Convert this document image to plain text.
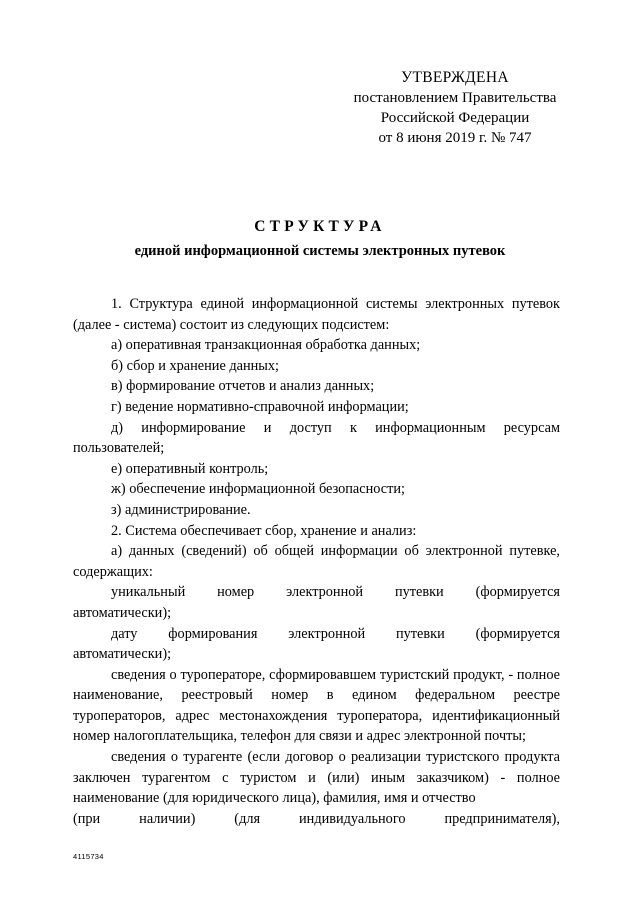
УТВЕРЖДЕНА
постановлением Правительства
Российской Федерации
от 8 июня 2019 г. № 747
СТРУКТУРА
единой информационной системы электронных путевок

1. Структура единой информационной системы электронных путевок (далее - система) состоит из следующих подсистем:

а) оперативная транзакционная обработка данных;

б) сбор и хранение данных;

в) формирование отчетов и анализ данных;

г) ведение нормативно-справочной информации;

д) информирование и доступ к информационным ресурсам

пользователей;

е) оперативный контроль;

ж) обеспечение информационной безопасности;

з) администрирование.

2. Система обеспечивает сбор, хранение и анализ:

а) данных (сведений) об общей информации об электронной путевке, содержащих:

уникальный номер электронной путевки (формируется

автоматически);

дату формирования электронной путевки (формируется

автоматически);

сведения о туроператоре, сформировавшем туристский продукт, - полное наименование, реестровый номер в едином федеральном реестре туроператоров, адрес местонахождения туроператора, идентификационный номер налогоплательщика, телефон для связи и адрес электронной почты;

сведения о турагенте (если договор о реализации туристского продукта заключен турагентом с туристом и (или) иным заказчиком) - полное наименование (для юридического лица), фамилия, имя и отчество

(при наличии) (для индивидуального предпринимателя),

4115734
